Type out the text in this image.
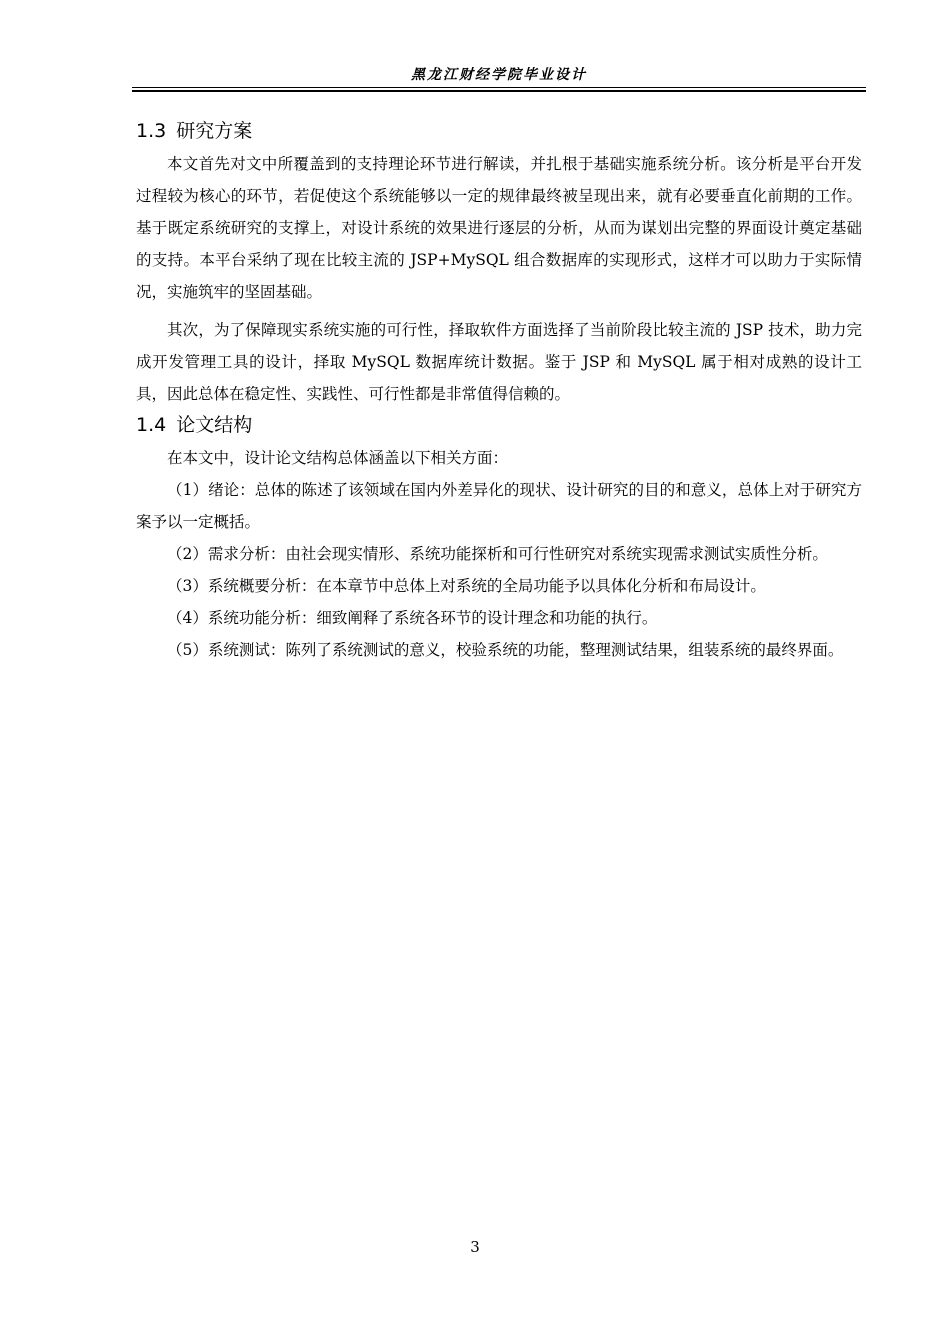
黑龙江财经学院毕业设计
1.3 研究方案

本文首先对文中所覆盖到的支持理论环节进行解读，并扎根于基础实施系统分析。该分析是平台开发过程较为核心的环节，若促使这个系统能够以一定的规律最终被呈现出来，就有必要垂直化前期的工作。基于既定系统研究的支撑上，对设计系统的效果进行逐层的分析，从而为谋划出完整的界面设计奠定基础的支持。本平台采纳了现在比较主流的 JSP+MySQL 组合数据库的实现形式，这样才可以助力于实际情况，实施筑牢的坚固基础。

其次，为了保障现实系统实施的可行性，择取软件方面选择了当前阶段比较主流的 JSP 技术，助力完成开发管理工具的设计，择取 MySQL 数据库统计数据。鉴于 JSP 和 MySQL 属于相对成熟的设计工具，因此总体在稳定性、实践性、可行性都是非常值得信赖的。

1.4 论文结构

在本文中，设计论文结构总体涵盖以下相关方面：

（1）绪论：总体的陈述了该领域在国内外差异化的现状、设计研究的目的和意义，总体上对于研究方案予以一定概括。

（2）需求分析：由社会现实情形、系统功能探析和可行性研究对系统实现需求测试实质性分析。

（3）系统概要分析：在本章节中总体上对系统的全局功能予以具体化分析和布局设计。

（4）系统功能分析：细致阐释了系统各环节的设计理念和功能的执行。

（5）系统测试：陈列了系统测试的意义，校验系统的功能，整理测试结果，组装系统的最终界面。

3
